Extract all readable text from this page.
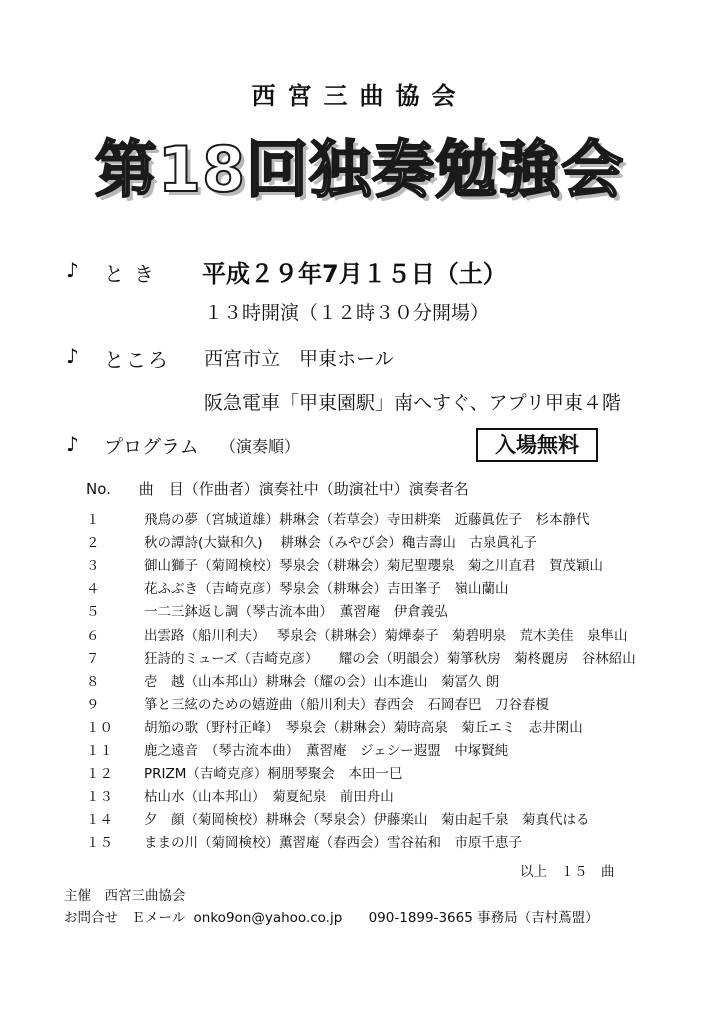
西宮三曲協会
第18回独奏勉強会
♪ とき 平成２９年7月１５日（土）
１３時開演（１２時３０分開場）
♪ ところ 西宮市立　甲東ホール
阪急電車「甲東園駅」南へすぐ、アプリ甲東４階
♪ プログラム （演奏順）	入場無料
No. 曲　目（作曲者）演奏社中（助演社中）演奏者名
１	飛鳥の夢（宮城道雄）耕琳会（若草会）寺田耕楽　近藤眞佐子　杉本静代
２	秋の譚詩(大嶽和久)　 耕琳会（みやび会）穐吉壽山　古泉眞礼子
３	御山獅子（菊岡検校）琴泉会（耕琳会）菊尼聖瓔泉　菊之川直君　賀茂穎山
４	花ふぶき（吉崎克彦）琴泉会（耕琳会）吉田峯子　嶺山蘭山
５	一二三鉢返し調（琴古流本曲）　薫習庵　伊倉義弘
６	出雲路（船川利夫）　 琴泉会（耕琳会）菊燁泰子　菊碧明泉　荒木美佳　泉隼山
７	狂詩的ミューズ（吉崎克彦）　　耀の会（明韻会）菊箏秋房　菊柊麗房　谷林紹山
８	壱　越（山本邦山）耕琳会（耀の会）山本進山　菊冨久 朗
９	箏と三絃のための嬉遊曲（船川利夫）春西会　石岡春巴　刀谷春榎
１０ 胡笳の歌（野村正峰）　琴泉会（耕琳会）菊時高泉　菊丘エミ　志井閑山
１１ 鹿之遠音　（琴古流本曲）　薫習庵　ジェシー遐盟　中塚賢純
１２ PRIZM（吉崎克彦）桐朋琴聚会　本田一巳
１３ 枯山水（山本邦山）　菊夏紀泉　前田舟山
１４ 夕　顔（菊岡検校）耕琳会（琴泉会）伊藤楽山　菊由起千泉　菊真代はる
１５ ままの川（菊岡検校）薫習庵（春西会）雪谷祐和　市原千恵子
以上　１５　曲
主催　西宮三曲協会
お問合せ　Ｅメール onko9on@yahoo.co.jp 090-1899-3665 事務局（吉村蔦盟）
